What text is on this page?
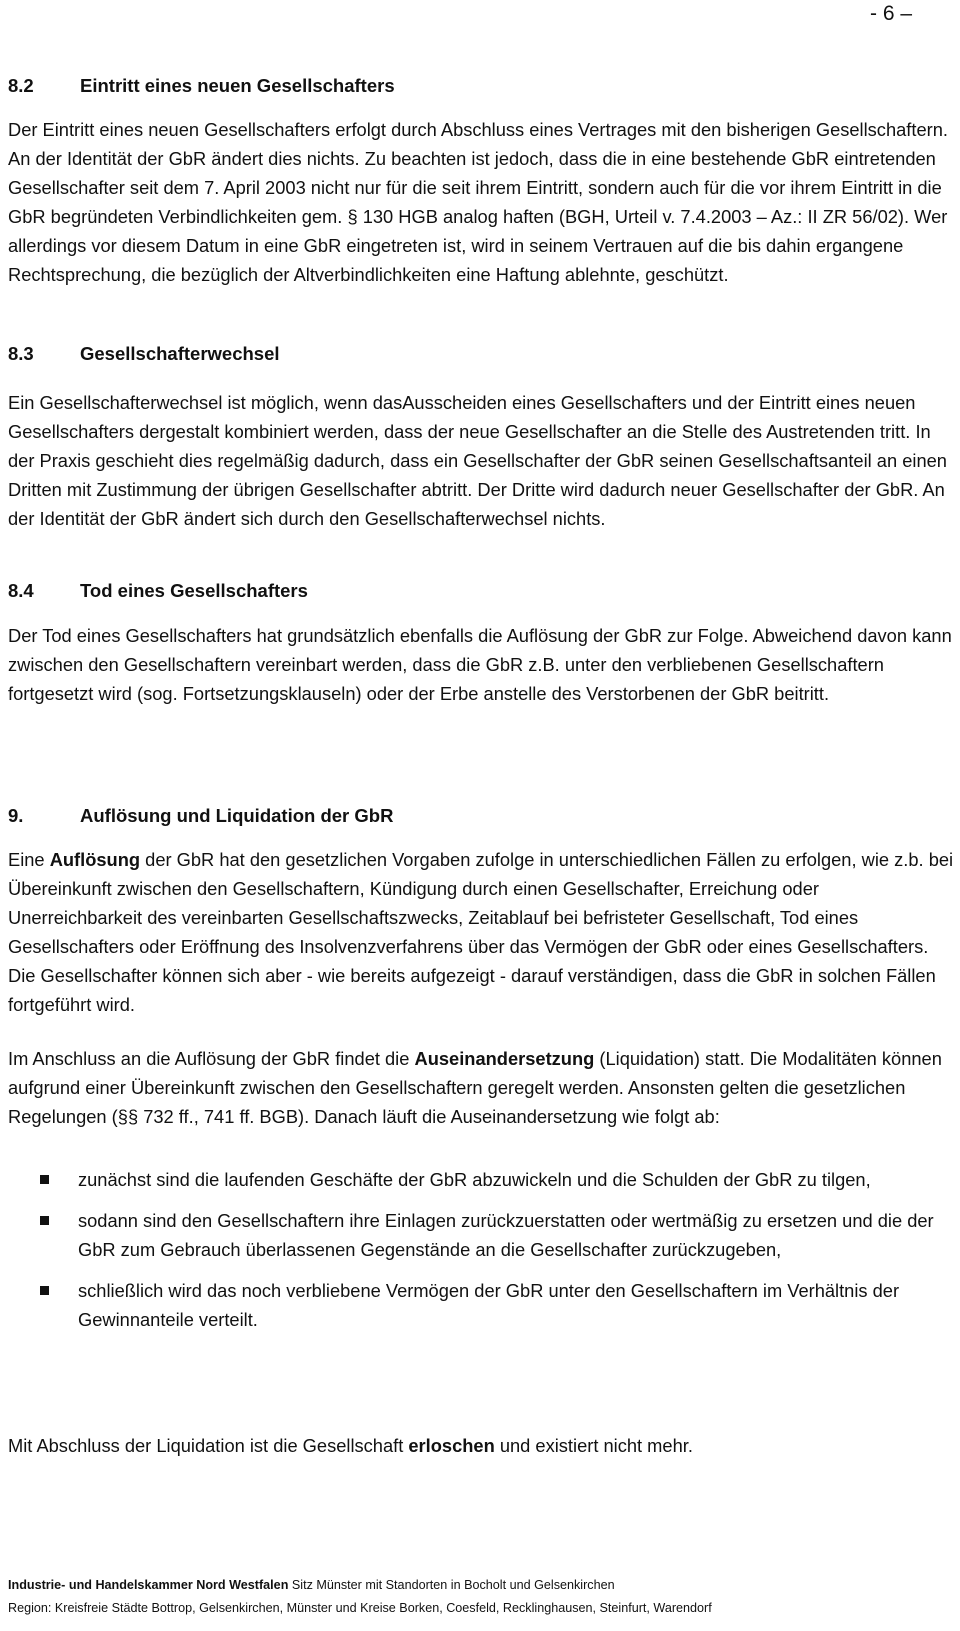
- 6 –
8.2	Eintritt eines neuen Gesellschafters

Der Eintritt eines neuen Gesellschafters erfolgt durch Abschluss eines Vertrages mit den bisherigen Gesellschaftern. An der Identität der GbR ändert dies nichts. Zu beachten ist jedoch, dass die in eine bestehende GbR eintretenden Gesellschafter seit dem 7. April 2003 nicht nur für die seit ihrem Eintritt, sondern auch für die vor ihrem Eintritt in die GbR begründeten Verbindlichkeiten gem. § 130 HGB analog haften (BGH, Urteil v. 7.4.2003 – Az.: II ZR 56/02). Wer allerdings vor diesem Datum in eine GbR eingetreten ist, wird in seinem Vertrauen auf die bis dahin ergangene Rechtsprechung, die bezüglich der Altverbindlichkeiten eine Haftung ablehnte, geschützt.

8.3	Gesellschafterwechsel

Ein Gesellschafterwechsel ist möglich, wenn dasAusscheiden eines Gesellschafters und der Eintritt eines neuen Gesellschafters dergestalt kombiniert werden, dass der neue Gesellschafter an die Stelle des Austretenden tritt. In der Praxis geschieht dies regelmäßig dadurch, dass ein Gesellschafter der GbR seinen Gesellschaftsanteil an einen Dritten mit Zustimmung der übrigen Gesellschafter abtritt. Der Dritte wird dadurch neuer Gesellschafter der GbR. An der Identität der GbR ändert sich durch den Gesellschafterwechsel nichts.

8.4	Tod eines Gesellschafters

Der Tod eines Gesellschafters hat grundsätzlich ebenfalls die Auflösung der GbR zur Folge. Abweichend davon kann zwischen den Gesellschaftern vereinbart werden, dass die GbR z.B. unter den verbliebenen Gesellschaftern fortgesetzt wird (sog. Fortsetzungsklauseln) oder der Erbe anstelle des Verstorbenen der GbR beitritt.

9.	Auflösung und Liquidation der GbR

Eine Auflösung der GbR hat den gesetzlichen Vorgaben zufolge in unterschiedlichen Fällen zu erfolgen, wie z.b. bei Übereinkunft zwischen den Gesellschaftern, Kündigung durch einen Gesellschafter, Erreichung oder Unerreichbarkeit des vereinbarten Gesellschaftszwecks, Zeitablauf bei befristeter Gesellschaft, Tod eines Gesellschafters oder Eröffnung des Insolvenzverfahrens über das Vermögen der GbR oder eines Gesellschafters. Die Gesellschafter können sich aber - wie bereits aufgezeigt - darauf verständigen, dass die GbR in solchen Fällen fortgeführt wird.

Im Anschluss an die Auflösung der GbR findet die Auseinandersetzung (Liquidation) statt. Die Modalitäten können aufgrund einer Übereinkunft zwischen den Gesellschaftern geregelt werden. Ansonsten gelten die gesetzlichen Regelungen (§§ 732 ff., 741 ff. BGB). Danach läuft die Auseinandersetzung wie folgt ab:

zunächst sind die laufenden Geschäfte der GbR abzuwickeln und die Schulden der GbR zu tilgen,
sodann sind den Gesellschaftern ihre Einlagen zurückzuerstatten oder wertmäßig zu ersetzen und die der GbR zum Gebrauch überlassenen Gegenstände an die Gesellschafter zurückzugeben,
schließlich wird das noch verbliebene Vermögen der GbR unter den Gesellschaftern im Verhältnis der Gewinnanteile verteilt.

Mit Abschluss der Liquidation ist die Gesellschaft erloschen und existiert nicht mehr.

Industrie- und Handelskammer Nord Westfalen Sitz Münster mit Standorten in Bocholt und Gelsenkirchen
Region: Kreisfreie Städte Bottrop, Gelsenkirchen, Münster und Kreise Borken, Coesfeld, Recklinghausen, Steinfurt, Warendorf
